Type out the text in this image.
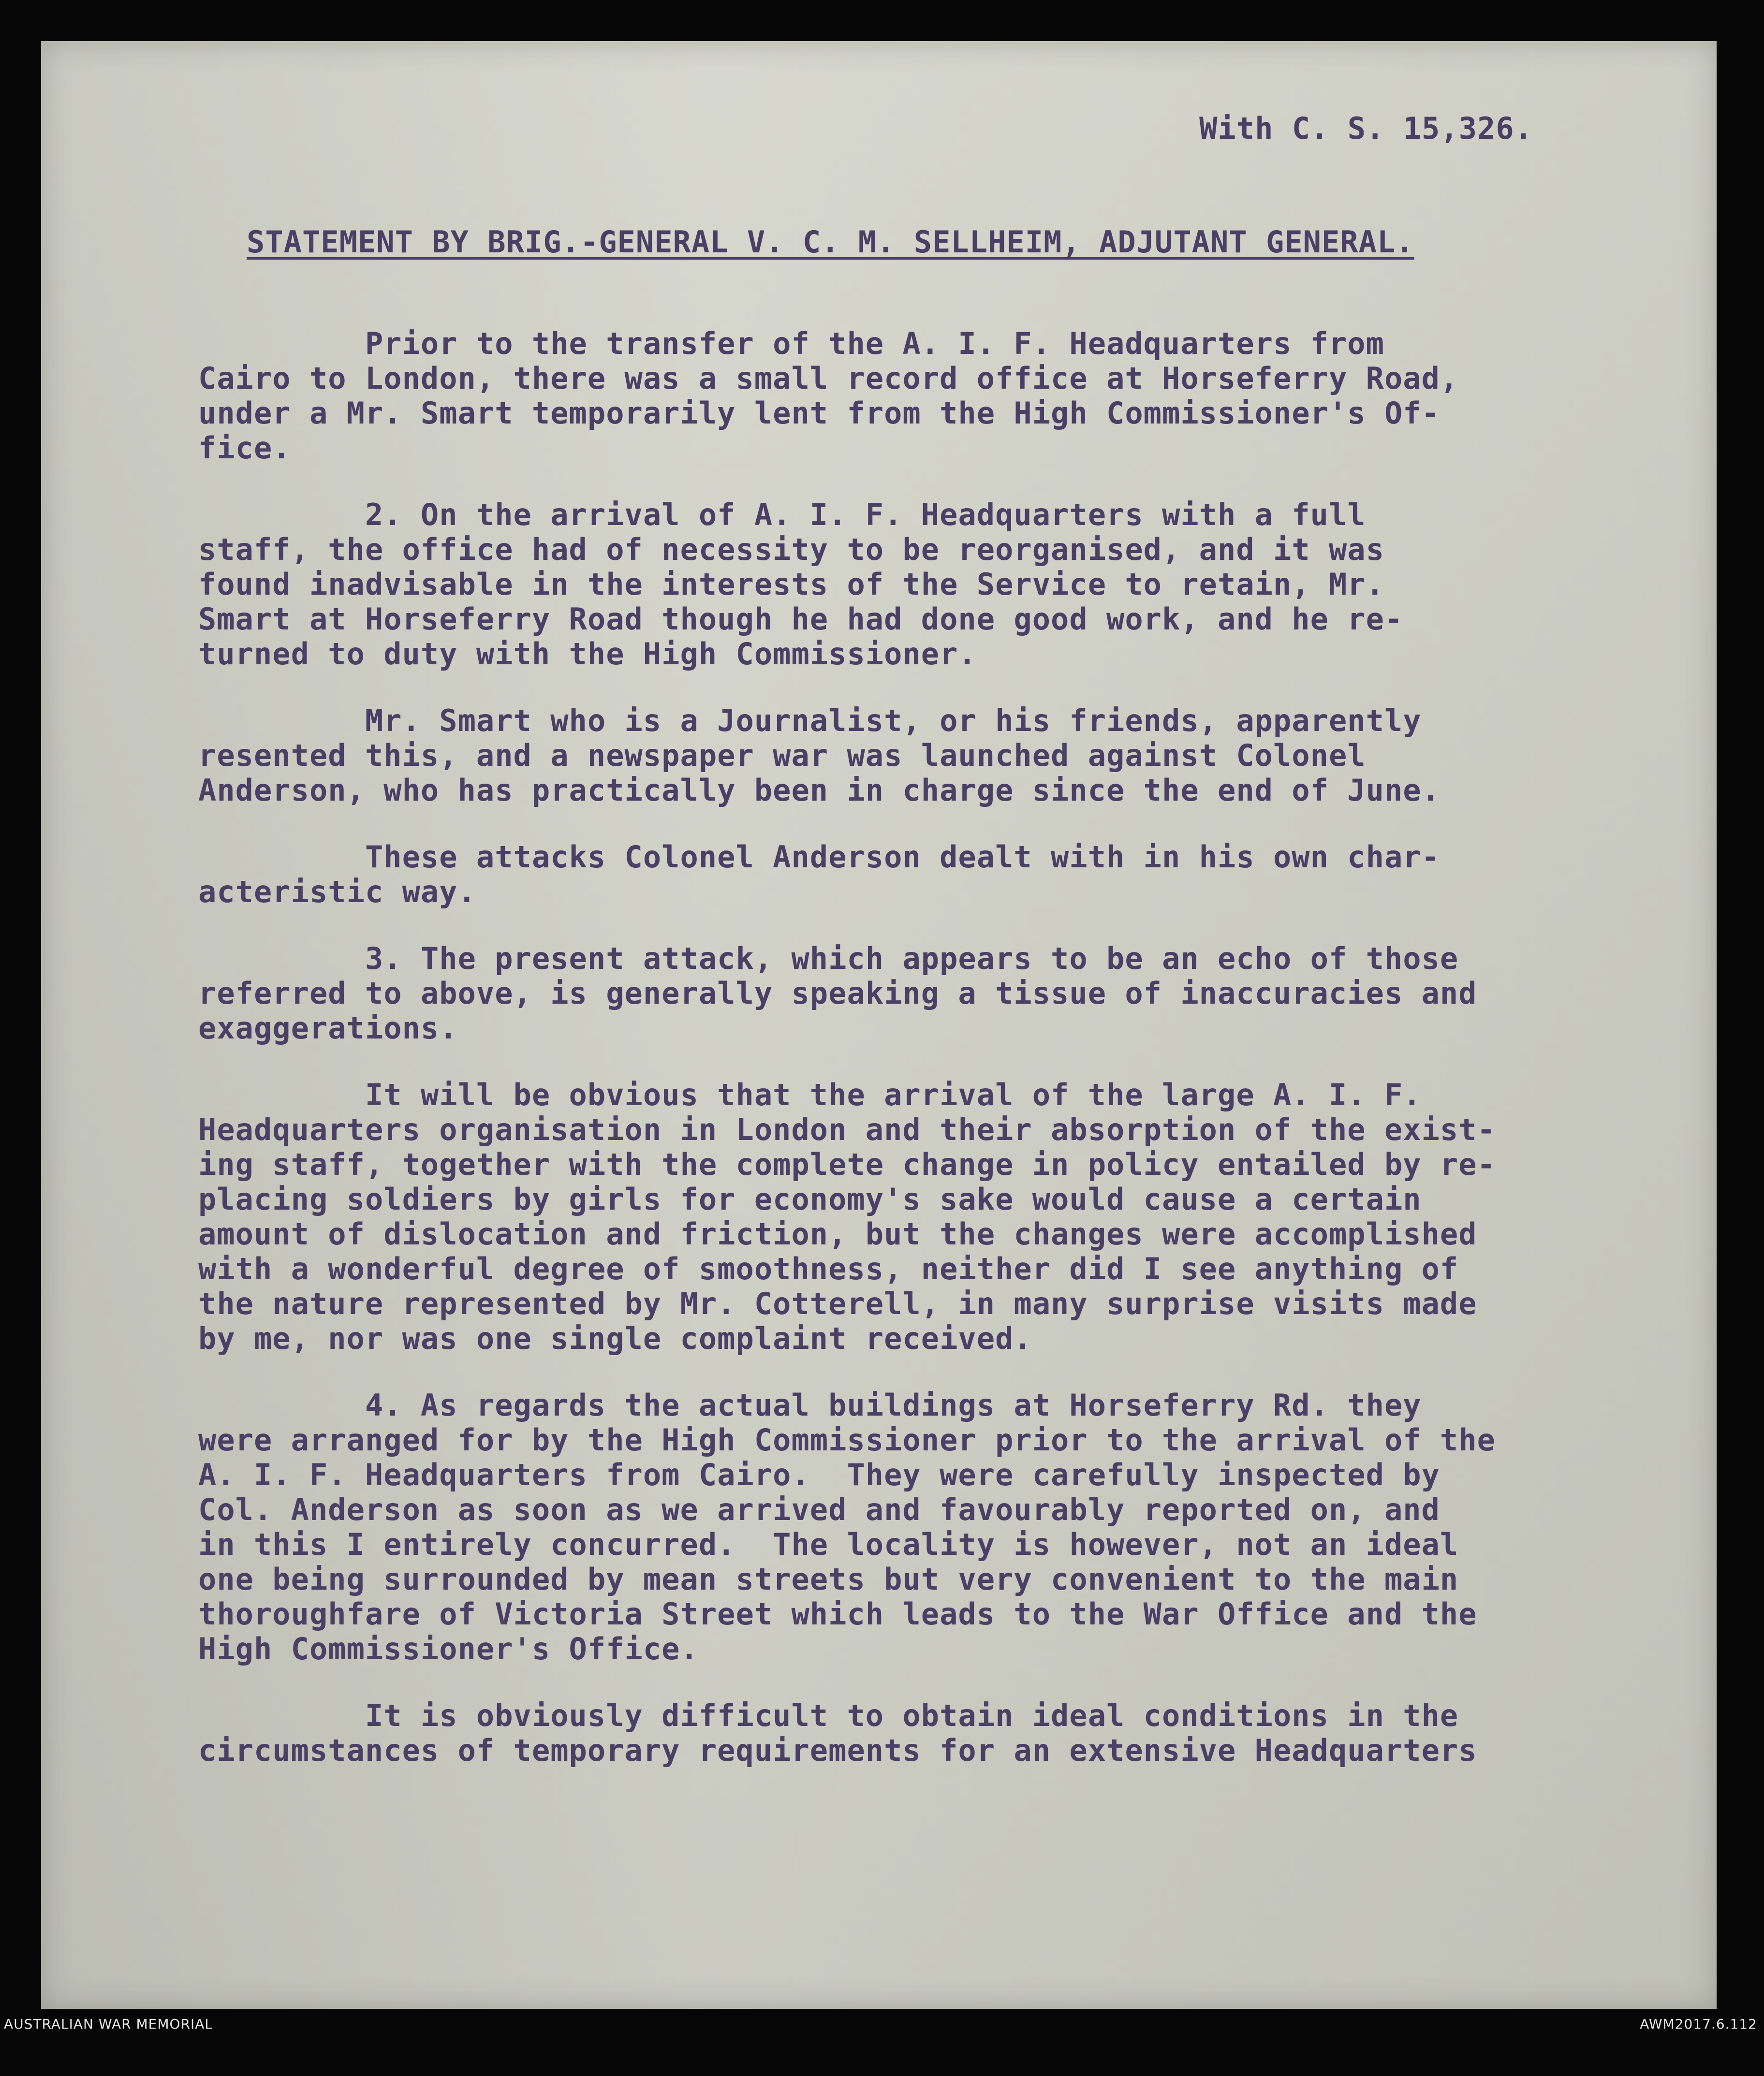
With C. S. 15,326.

STATEMENT BY BRIG.-GENERAL V. C. M. SELLHEIM, ADJUTANT GENERAL.

Prior to the transfer of the A. I. F. Headquarters from
Cairo to London, there was a small record office at Horseferry Road,
under a Mr. Smart temporarily lent from the High Commissioner's Of-
fice.

2. On the arrival of A. I. F. Headquarters with a full
staff, the office had of necessity to be reorganised, and it was
found inadvisable in the interests of the Service to retain, Mr.
Smart at Horseferry Road though he had done good work, and he re-
turned to duty with the High Commissioner.

Mr. Smart who is a Journalist, or his friends, apparently
resented this, and a newspaper war was launched against Colonel
Anderson, who has practically been in charge since the end of June.

These attacks Colonel Anderson dealt with in his own char-
acteristic way.

3. The present attack, which appears to be an echo of those
referred to above, is generally speaking a tissue of inaccuracies and
exaggerations.

It will be obvious that the arrival of the large A. I. F.
Headquarters organisation in London and their absorption of the exist-
ing staff, together with the complete change in policy entailed by re-
placing soldiers by girls for economy's sake would cause a certain
amount of dislocation and friction, but the changes were accomplished
with a wonderful degree of smoothness, neither did I see anything of
the nature represented by Mr. Cotterell, in many surprise visits made
by me, nor was one single complaint received.

4. As regards the actual buildings at Horseferry Rd. they
were arranged for by the High Commissioner prior to the arrival of the
A. I. F. Headquarters from Cairo.  They were carefully inspected by
Col. Anderson as soon as we arrived and favourably reported on, and
in this I entirely concurred.  The locality is however, not an ideal
one being surrounded by mean streets but very convenient to the main
thoroughfare of Victoria Street which leads to the War Office and the
High Commissioner's Office.

It is obviously difficult to obtain ideal conditions in the
circumstances of temporary requirements for an extensive Headquarters

AUSTRALIAN WAR MEMORIAL	AWM2017.6.112
